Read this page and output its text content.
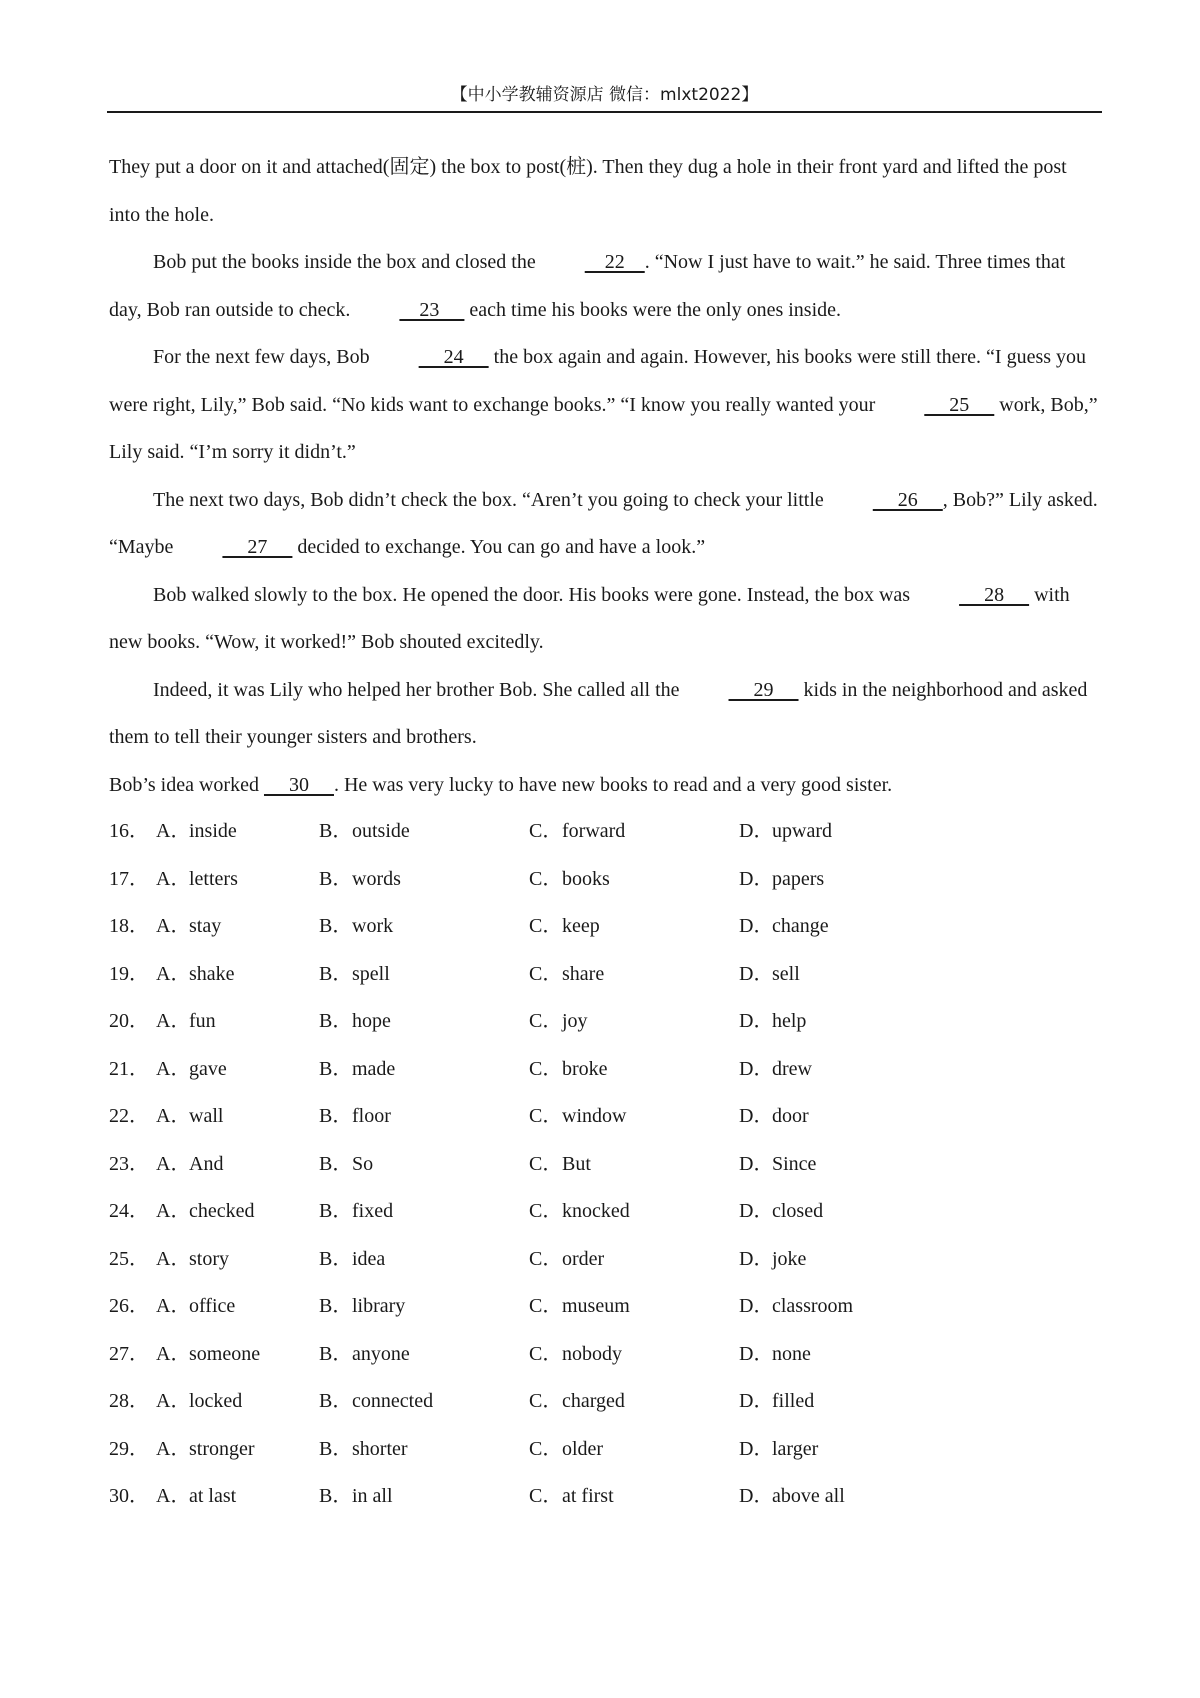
【中小学教辅资源店 微信：mlxt2022】

They put a door on it and attached(固定) the box to post(桩). Then they dug a hole in their front yard and lifted the post into the hole.

Bob put the books inside the box and closed the     22    . “Now I just have to wait.” he said. Three times that day, Bob ran outside to check.     23      each time his books were the only ones inside.

For the next few days, Bob      24      the box again and again. However, his books were still there. “I guess you were right, Lily,” Bob said. “No kids want to exchange books.” “I know you really wanted your      25      work, Bob,” Lily said. “I’m sorry it didn’t.”

The next two days, Bob didn’t check the box. “Aren’t you going to check your little      26     , Bob?” Lily asked. “Maybe      27      decided to exchange. You can go and have a look.”

Bob walked slowly to the box. He opened the door. His books were gone. Instead, the box was      28      with new books. “Wow, it worked!” Bob shouted excitedly.

Indeed, it was Lily who helped her brother Bob. She called all the      29      kids in the neighborhood and asked them to tell their younger sisters and brothers.

Bob’s idea worked      30     . He was very lucky to have new books to read and a very good sister.

16． A．inside	B．outside	C．forward	D．upward
17． A．letters	B．words	C．books	D．papers
18． A．stay	B．work	C．keep	D．change
19． A．shake	B．spell	C．share	D．sell
20． A．fun	B．hope	C．joy	D．help
21． A．gave	B．made	C．broke	D．drew
22． A．wall	B．floor	C．window	D．door
23． A．And	B．So	C．But	D．Since
24． A．checked	B．fixed	C．knocked	D．closed
25． A．story	B．idea	C．order	D．joke
26． A．office	B．library	C．museum	D．classroom
27． A．someone	B．anyone	C．nobody	D．none
28． A．locked	B．connected	C．charged	D．filled
29． A．stronger	B．shorter	C．older	D．larger
30． A．at last	B．in all	C．at first	D．above all
